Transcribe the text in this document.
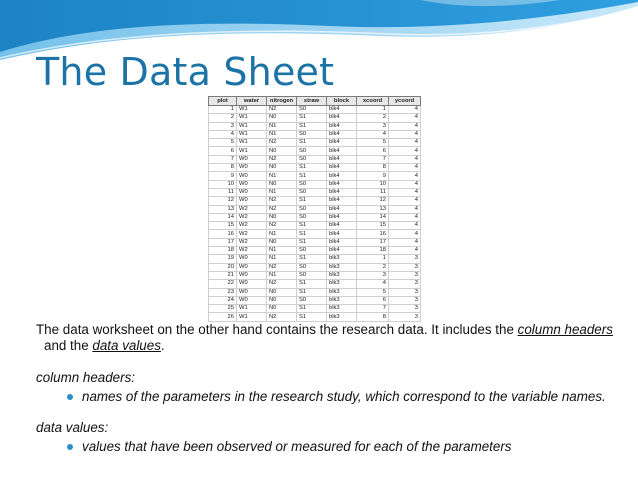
The Data Sheet
plot	water	nitrogen	straw	block	xcoord	ycoord
1	W1	N2	S0	blk4	1	4
2	W1	N0	S1	blk4	2	4
3	W1	N1	S1	blk4	3	4
4	W1	N1	S0	blk4	4	4
5	W1	N2	S1	blk4	5	4
6	W1	N0	S0	blk4	6	4
7	W0	N2	S0	blk4	7	4
8	W0	N0	S1	blk4	8	4
9	W0	N1	S1	blk4	9	4
10	W0	N0	S0	blk4	10	4
11	W0	N1	S0	blk4	11	4
12	W0	N2	S1	blk4	12	4
13	W2	N2	S0	blk4	13	4
14	W2	N0	S0	blk4	14	4
15	W2	N2	S1	blk4	15	4
16	W2	N1	S1	blk4	16	4
17	W2	N0	S1	blk4	17	4
18	W2	N1	S0	blk4	18	4
19	W0	N1	S1	blk3	1	3
20	W0	N2	S0	blk3	2	3
21	W0	N1	S0	blk3	3	3
22	W0	N2	S1	blk3	4	3
23	W0	N0	S1	blk3	5	3
24	W0	N0	S0	blk3	6	3
25	W1	N0	S1	blk3	7	3
26	W1	N2	S1	blk3	8	3

The data worksheet on the other hand contains the research data. It includes the column headers and the data values.

column headers:

names of the parameters in the research study, which correspond to the variable names.

data values:

values that have been observed or measured for each of the parameters
